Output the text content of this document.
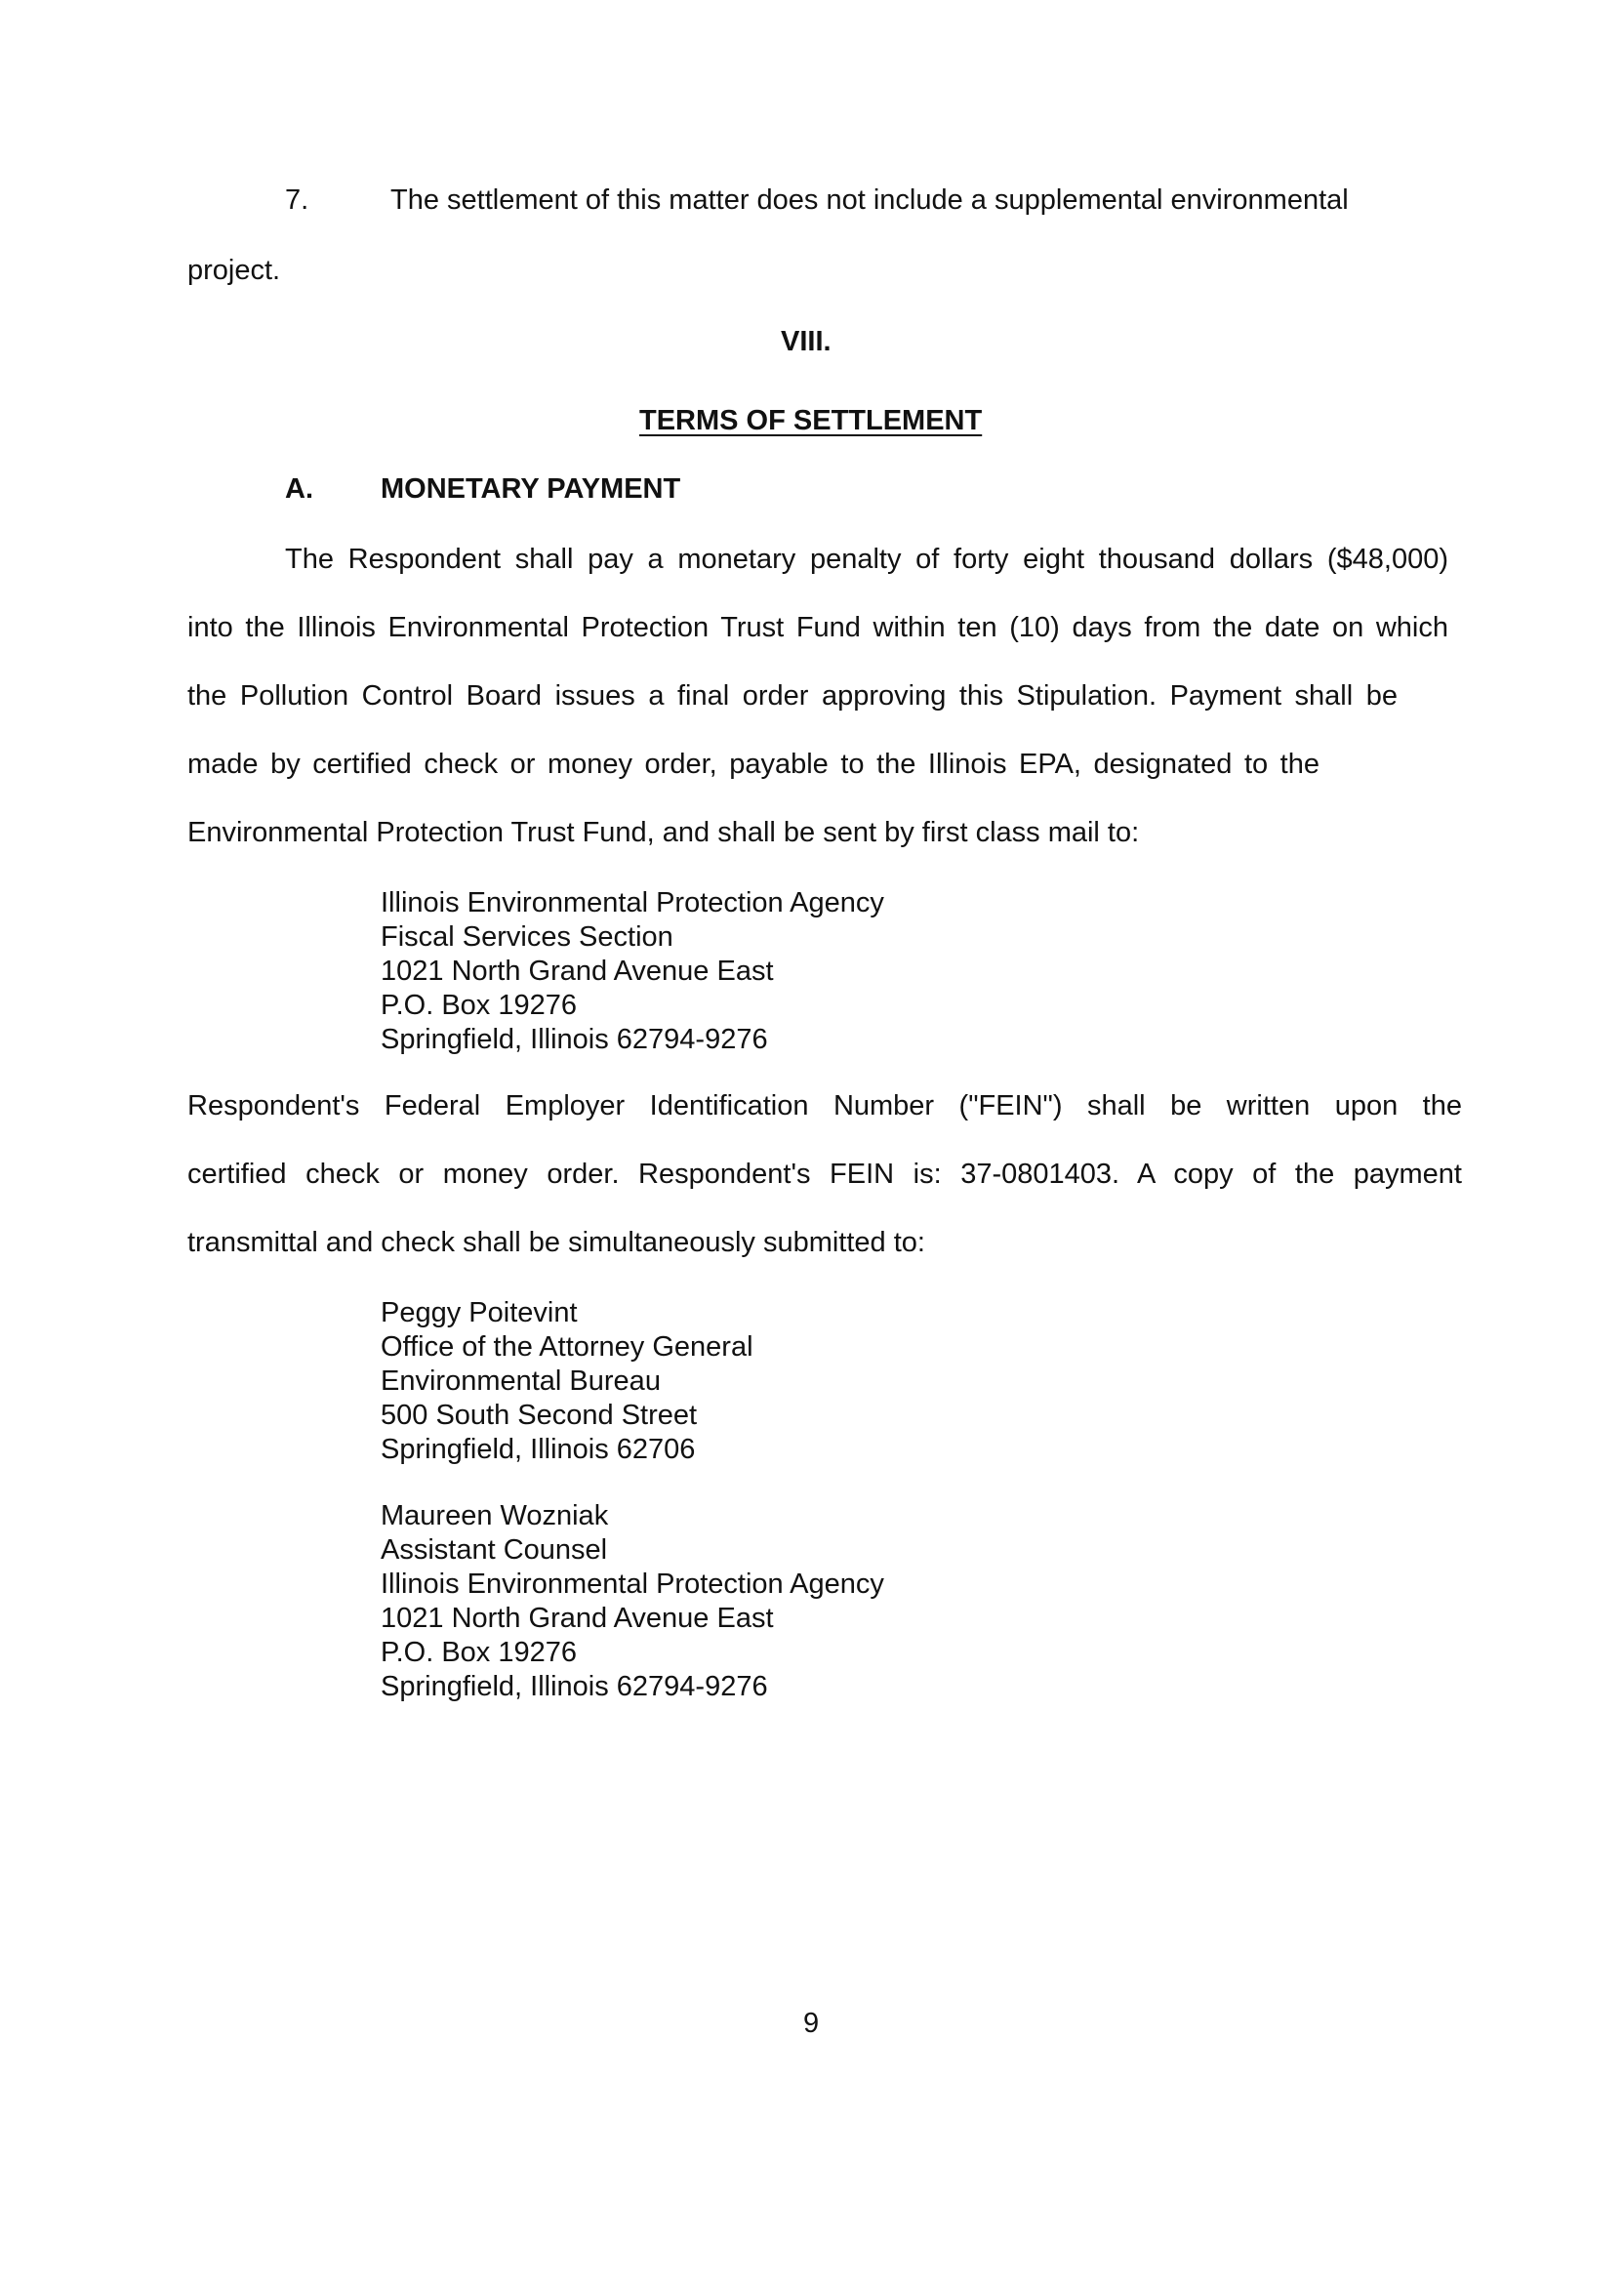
7.	The settlement of this matter does not include a supplemental environmental
project.
VIII.
TERMS OF SETTLEMENT
A. MONETARY PAYMENT
The Respondent shall pay a monetary penalty of forty eight thousand dollars ($48,000)
into the Illinois Environmental Protection Trust Fund within ten (10) days from the date on which
the Pollution Control Board issues a final order approving this Stipulation. Payment shall be
made by certified check or money order, payable to the Illinois EPA, designated to the
Environmental Protection Trust Fund, and shall be sent by first class mail to:
Illinois Environmental Protection Agency
Fiscal Services Section
1021 North Grand Avenue East
P.O. Box 19276
Springfield, Illinois 62794-9276
Respondent's Federal Employer Identification Number ("FEIN") shall be written upon the
certified check or money order. Respondent's FEIN is: 37-0801403. A copy of the payment
transmittal and check shall be simultaneously submitted to:
Peggy Poitevint
Office of the Attorney General
Environmental Bureau
500 South Second Street
Springfield, Illinois 62706
Maureen Wozniak
Assistant Counsel
Illinois Environmental Protection Agency
1021 North Grand Avenue East
P.O. Box 19276
Springfield, Illinois 62794-9276
9
